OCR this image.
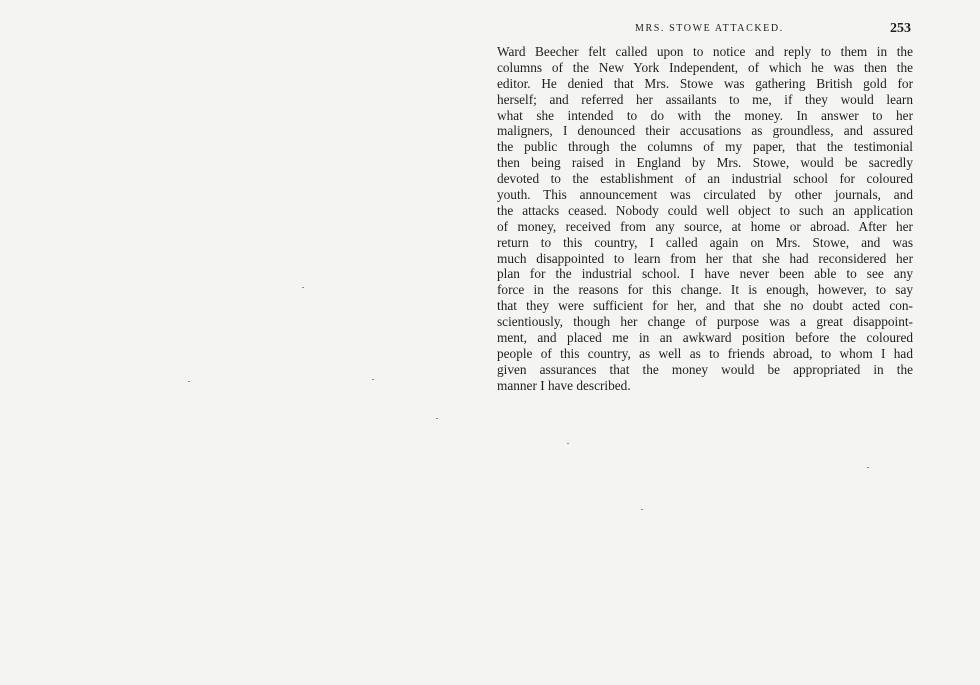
MRS. STOWE ATTACKED.	253
Ward Beecher felt called upon to notice and reply to them in the
columns of the New York Independent, of which he was then the
editor. He denied that Mrs. Stowe was gathering British gold for
herself; and referred her assailants to me, if they would learn
what she intended to do with the money. In answer to her
maligners, I denounced their accusations as groundless, and assured
the public through the columns of my paper, that the testimonial
then being raised in England by Mrs. Stowe, would be sacredly
devoted to the establishment of an industrial school for coloured
youth. This announcement was circulated by other journals, and
the attacks ceased. Nobody could well object to such an application
of money, received from any source, at home or abroad. After her
return to this country, I called again on Mrs. Stowe, and was
much disappointed to learn from her that she had reconsidered her
plan for the industrial school. I have never been able to see any
force in the reasons for this change. It is enough, however, to say
that they were sufficient for her, and that she no doubt acted con-
scientiously, though her change of purpose was a great disappoint-
ment, and placed me in an awkward position before the coloured
people of this country, as well as to friends abroad, to whom I had
given assurances that the money would be appropriated in the
manner I have described.
